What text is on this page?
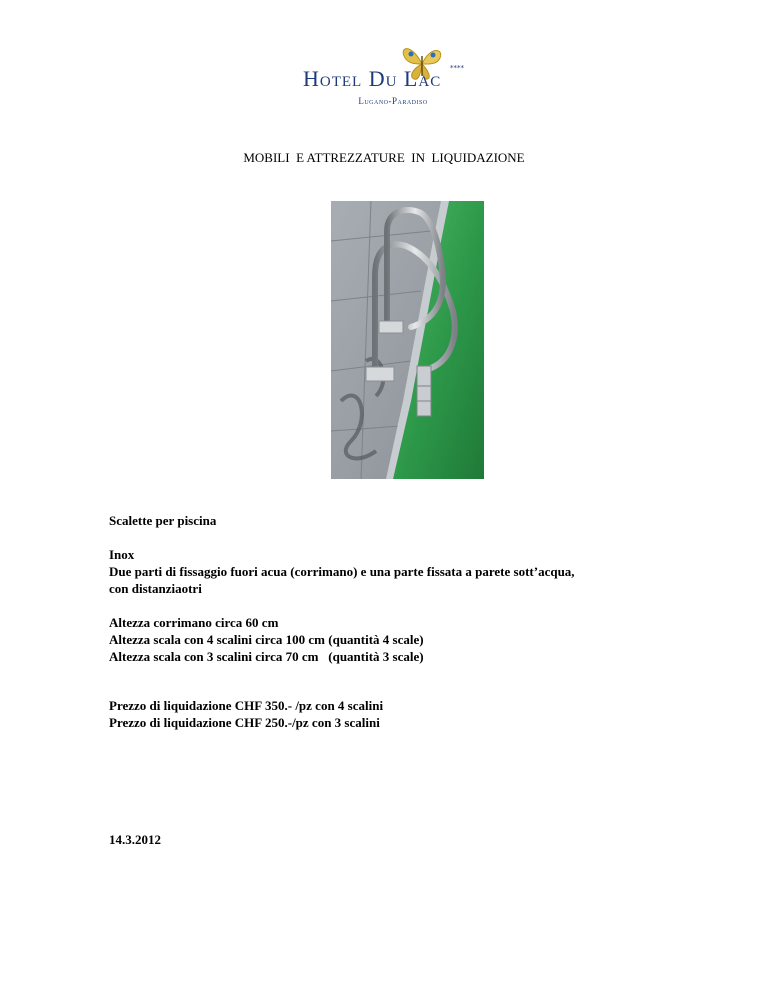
****
Hotel Du Lac
Lugano-Paradiso
MOBILI  E ATTREZZATURE  IN  LIQUIDAZIONE

Scalette per piscina

Inox

Due parti di fissaggio fuori acua (corrimano) e una parte fissata a parete sott’acqua,

con distanziaotri

Altezza corrimano circa 60 cm

Altezza scala con 4 scalini circa 100 cm (quantità 4 scale)

Altezza scala con 3 scalini circa 70 cm   (quantità 3 scale)

Prezzo di liquidazione CHF 350.- /pz con 4 scalini

Prezzo di liquidazione CHF 250.-/pz con 3 scalini

14.3.2012
